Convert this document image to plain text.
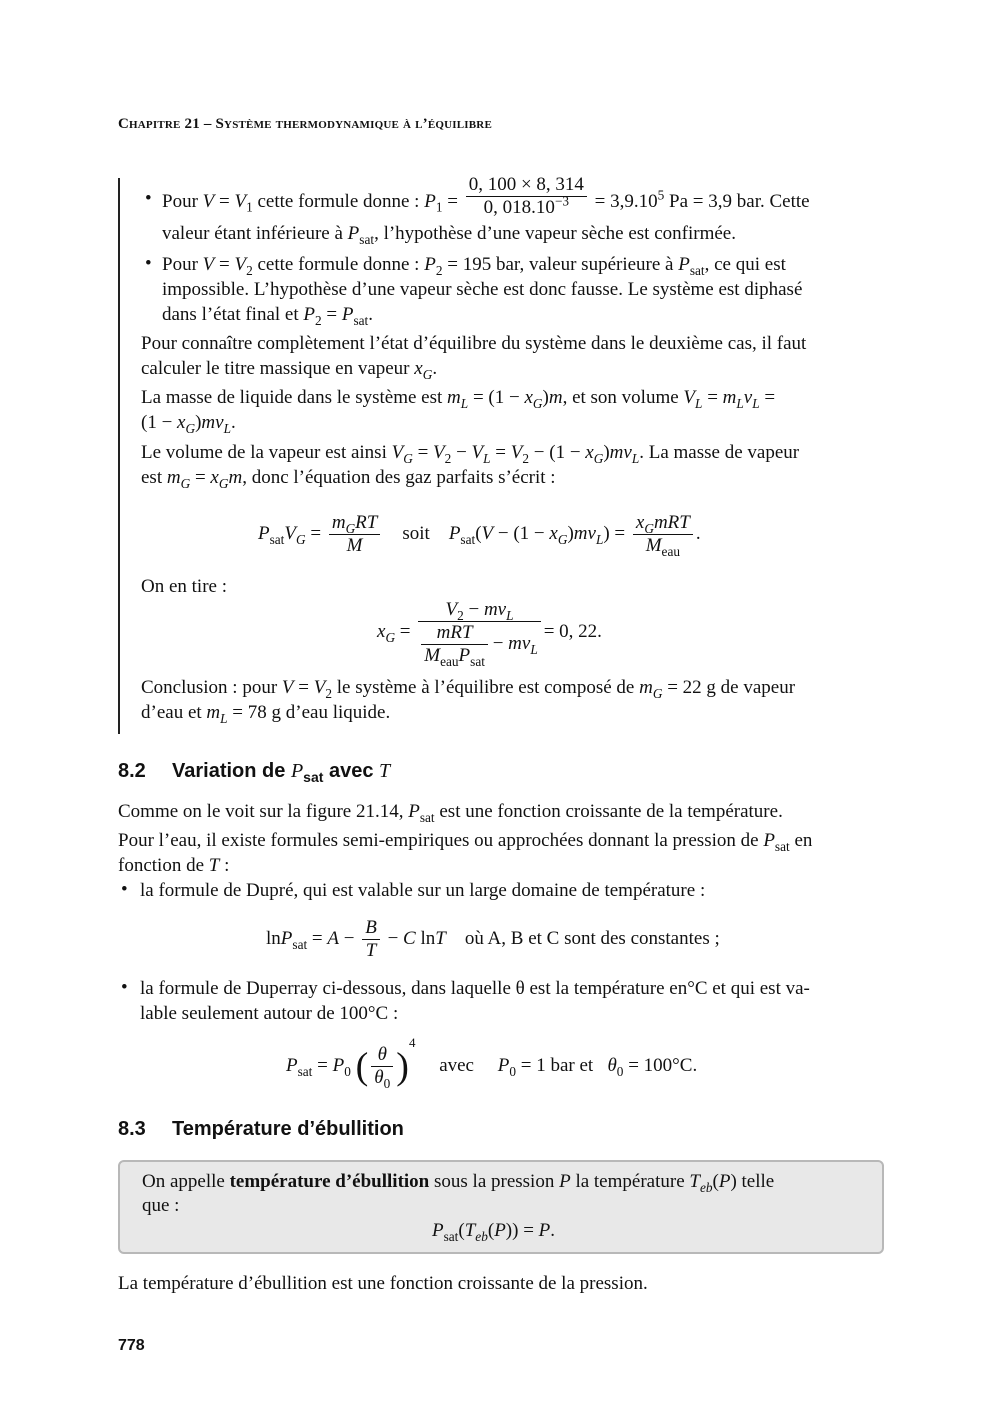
Chapitre 21 – Système thermodynamique à l’équilibre
• Pour $V = V_1$ cette formule donne : $P_1 = \frac{0, 100 \times 8, 314}{0, 018.10^{-3}} = 3,9.10^5$ Pa = 3,9 bar. Cette
valeur étant inférieure à $P_{sat}$, l’hypothèse d’une vapeur sèche est confirmée.
• Pour $V = V_2$ cette formule donne : $P_2 = 195$ bar, valeur supérieure à $P_{sat}$, ce qui est
impossible. L’hypothèse d’une vapeur sèche est donc fausse. Le système est diphasé
dans l’état final et $P_2 = P_{sat}$.
Pour connaître complètement l’état d’équilibre du système dans le deuxième cas, il faut
calculer le titre massique en vapeur $x_G$.
La masse de liquide dans le système est $m_L = (1 - x_G)m$, et son volume $V_L = m_Lv_L$ =
$(1 - x_G)mv_L$.
Le volume de la vapeur est ainsi $V_G = V_2 - V_L = V_2 - (1 - x_G)mv_L$. La masse de vapeur
est $m_G = x_Gm$, donc l’équation des gaz parfaits s’écrit :
$P_{sat}V_G = \frac{m_GRT}{M}$ soit $P_{sat}(V - (1 - x_G)mv_L) = \frac{x_GmRT}{M_{eau}}$ .
On en tire :
$x_G = \frac{V_2 - mv_L}{\frac{\text{mRT}}{M_{eau}P_{sat}} - mv_L} = 0$, 22.
Conclusion : pour $V = V_2$ le système à l’équilibre est composé de $m_G = 22$ g de vapeur
d’eau et $m_L = 78$ g d’eau liquide.
8.2 Variation de $P_{sat}$ avec T
Comme on le voit sur la figure 21.14, $P_{sat}$ est une fonction croissante de la température.
Pour l’eau, il existe formules semi-empiriques ou approchées donnant la pression de $P_{sat}$ en
fonction de T :
• la formule de Dupré, qui est valable sur un large domaine de température :
$\ln P_{sat} = A - \frac{B}{T} - C$ lnT où A, B et C sont des constantes ;
• la formule de Duperray ci-dessous, dans laquelle θ est la température en°C et qui est va-
lable seulement autour de 100°C :
$P_{sat} = P_0$ ( $\frac{\theta}{\theta_0} )^4$     avec $P_0 = 1$ bar et $\theta_0 = 100^\circ C$.
8.3 Température d’ébullition
On appelle température d’ébullition sous la pression P la température $T_{eb}(P)$ telle
que :
$P_{sat}(T_{eb}(P)) = P$.
La température d’ébullition est une fonction croissante de la pression.
778
